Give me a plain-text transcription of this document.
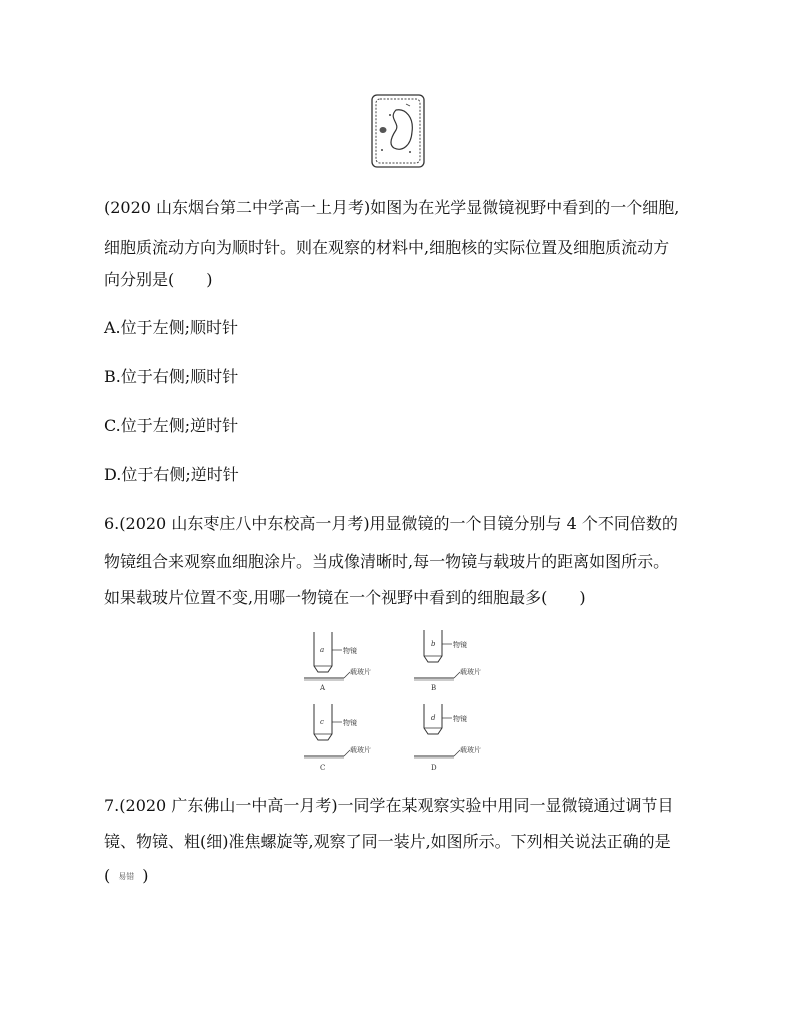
(2020 山东烟台第二中学高一上月考)如图为在光学显微镜视野中看到的一个细胞,

细胞质流动方向为顺时针。则在观察的材料中,细胞核的实际位置及细胞质流动方

向分别是(　　)

A.位于左侧;顺时针

B.位于右侧;顺时针

C.位于左侧;逆时针

D.位于右侧;逆时针

6.(2020 山东枣庄八中东校高一月考)用显微镜的一个目镜分别与 4 个不同倍数的

物镜组合来观察血细胞涂片。当成像清晰时,每一物镜与载玻片的距离如图所示。

如果载玻片位置不变,用哪一物镜在一个视野中看到的细胞最多(　　)

a	物镜
载玻片
A
b	物镜
载玻片
B
c	物镜
载玻片
C
d	物镜
载玻片
D

7.(2020 广东佛山一中高一月考)一同学在某观察实验中用同一显微镜通过调节目

镜、物镜、粗(细)准焦螺旋等,观察了同一装片,如图所示。下列相关说法正确的是

( 易错 )
